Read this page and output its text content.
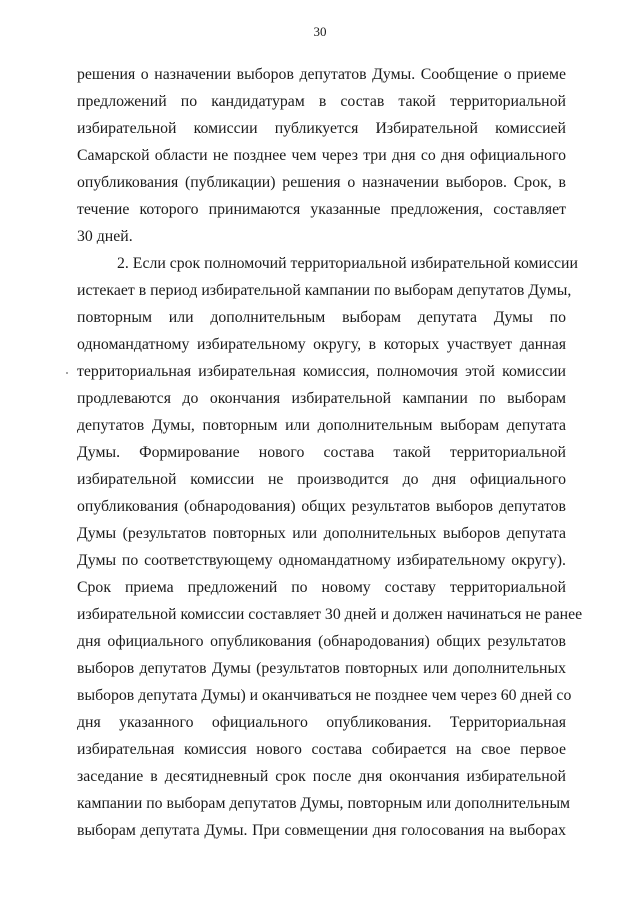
30
решения о назначении выборов депутатов Думы. Сообщение о приеме
предложений по кандидатурам в состав такой территориальной
избирательной комиссии публикуется Избирательной комиссией
Самарской области не позднее чем через три дня со дня официального
опубликования (публикации) решения о назначении выборов. Срок, в
течение которого принимаются указанные предложения, составляет
30 дней.
2. Если срок полномочий территориальной избирательной комиссии
истекает в период избирательной кампании по выборам депутатов Думы,
повторным или дополнительным выборам депутата Думы по
одномандатному избирательному округу, в которых участвует данная
территориальная избирательная комиссия, полномочия этой комиссии
продлеваются до окончания избирательной кампании по выборам
депутатов Думы, повторным или дополнительным выборам депутата
Думы. Формирование нового состава такой территориальной
избирательной комиссии не производится до дня официального
опубликования (обнародования) общих результатов выборов депутатов
Думы (результатов повторных или дополнительных выборов депутата
Думы по соответствующему одномандатному избирательному округу).
Срок приема предложений по новому составу территориальной
избирательной комиссии составляет 30 дней и должен начинаться не ранее
дня официального опубликования (обнародования) общих результатов
выборов депутатов Думы (результатов повторных или дополнительных
выборов депутата Думы) и оканчиваться не позднее чем через 60 дней со
дня указанного официального опубликования. Территориальная
избирательная комиссия нового состава собирается на свое первое
заседание в десятидневный срок после дня окончания избирательной
кампании по выборам депутатов Думы, повторным или дополнительным
выборам депутата Думы. При совмещении дня голосования на выборах
